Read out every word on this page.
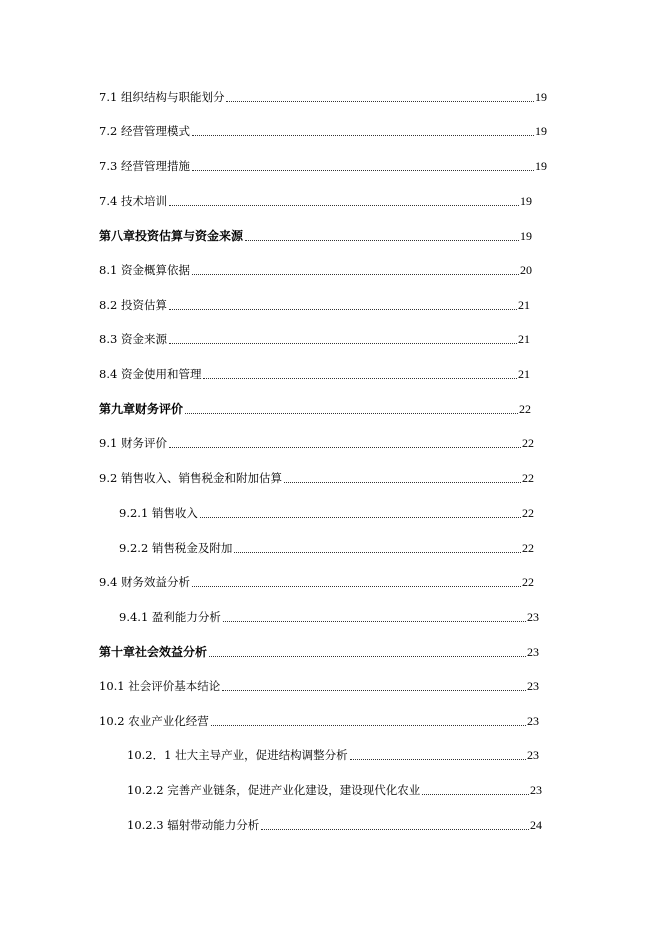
7.1 组织结构与职能划分	19
7.2 经营管理模式	19
7.3 经营管理措施	19
7.4 技术培训	19
第八章投资估算与资金来源	19
8.1 资金概算依据	20
8.2 投资估算	21
8.3 资金来源	21
8.4 资金使用和管理	21
第九章财务评价	22
9.1 财务评价	22
9.2 销售收入、销售税金和附加估算	22
9.2.1 销售收入	22
9.2.2 销售税金及附加	22
9.4 财务效益分析	22
9.4.1 盈利能力分析	23
第十章社会效益分析	23
10.1 社会评价基本结论	23
10.2 农业产业化经营	23
10.2．1 壮大主导产业，促进结构调整分析	23
10.2.2 完善产业链条，促进产业化建设，建设现代化农业	23
10.2.3 辐射带动能力分析	24
